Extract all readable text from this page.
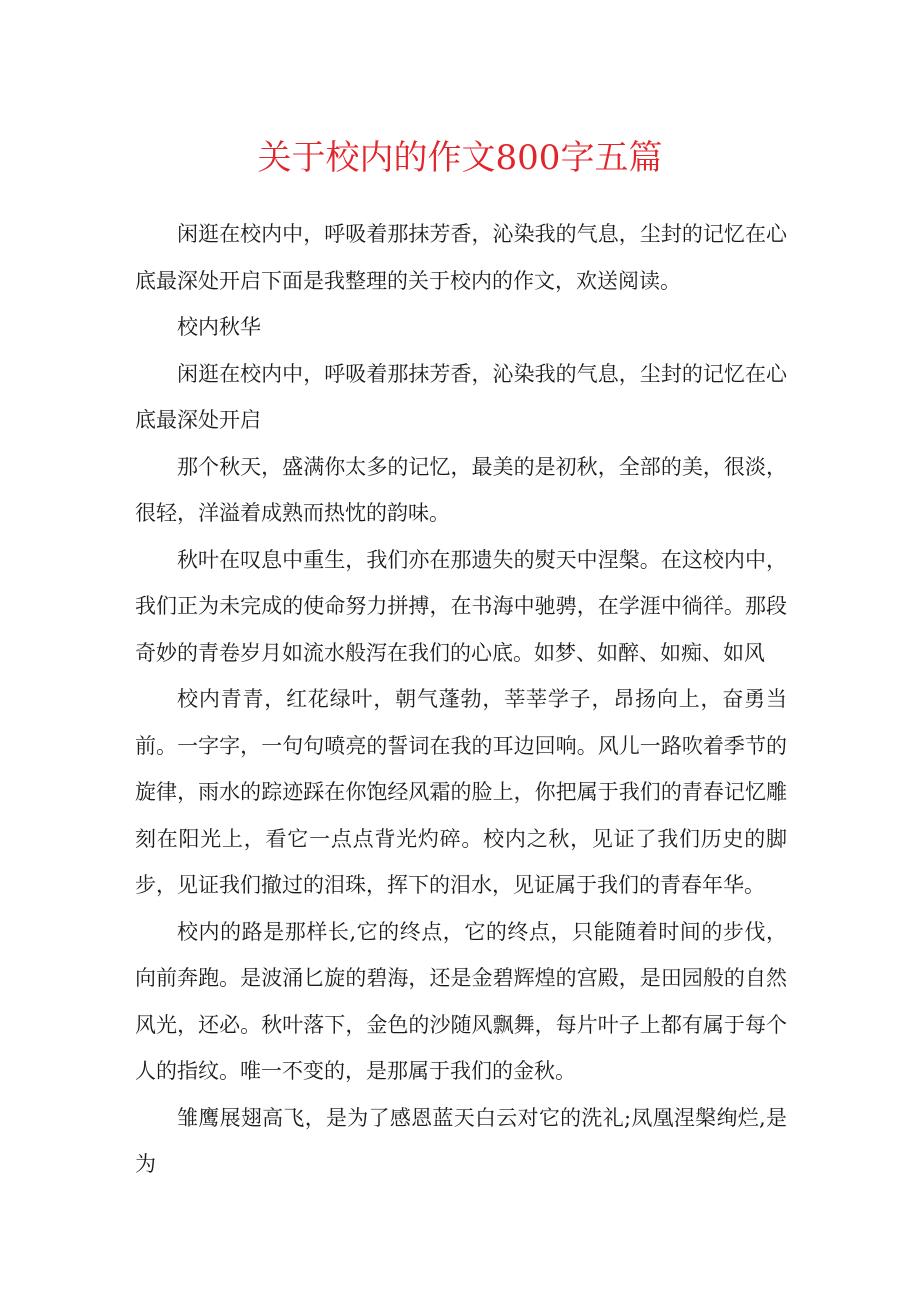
关于校内的作文800字五篇

闲逛在校内中，呼吸着那抹芳香，沁染我的气息，尘封的记忆在心底最深处开启下面是我整理的关于校内的作文，欢送阅读。

校内秋华

闲逛在校内中，呼吸着那抹芳香，沁染我的气息，尘封的记忆在心底最深处开启

那个秋天，盛满你太多的记忆，最美的是初秋，全部的美，很淡，很轻，洋溢着成熟而热忱的韵味。

秋叶在叹息中重生，我们亦在那遗失的熨天中涅槃。在这校内中，我们正为未完成的使命努力拼搏，在书海中驰骋，在学涯中徜徉。那段奇妙的青卷岁月如流水般泻在我们的心底。如梦、如醉、如痴、如风

校内青青，红花绿叶，朝气蓬勃，莘莘学子，昂扬向上，奋勇当前。一字字，一句句喷亮的誓词在我的耳边回响。风儿一路吹着季节的旋律，雨水的踪迹踩在你饱经风霜的脸上，你把属于我们的青春记忆雕刻在阳光上，看它一点点背光灼碎。校内之秋，见证了我们历史的脚步，见证我们撤过的泪珠，挥下的泪水，见证属于我们的青春年华。

校内的路是那样长,它的终点，它的终点，只能随着时间的步伐，向前奔跑。是波涌匕旋的碧海，还是金碧辉煌的宫殿，是田园般的自然风光，还必。秋叶落下，金色的沙随风飘舞，每片叶子上都有属于每个人的指纹。唯一不变的，是那属于我们的金秋。

雏鹰展翅高飞，是为了感恩蓝天白云对它的洗礼;凤凰涅槃绚烂,是为
